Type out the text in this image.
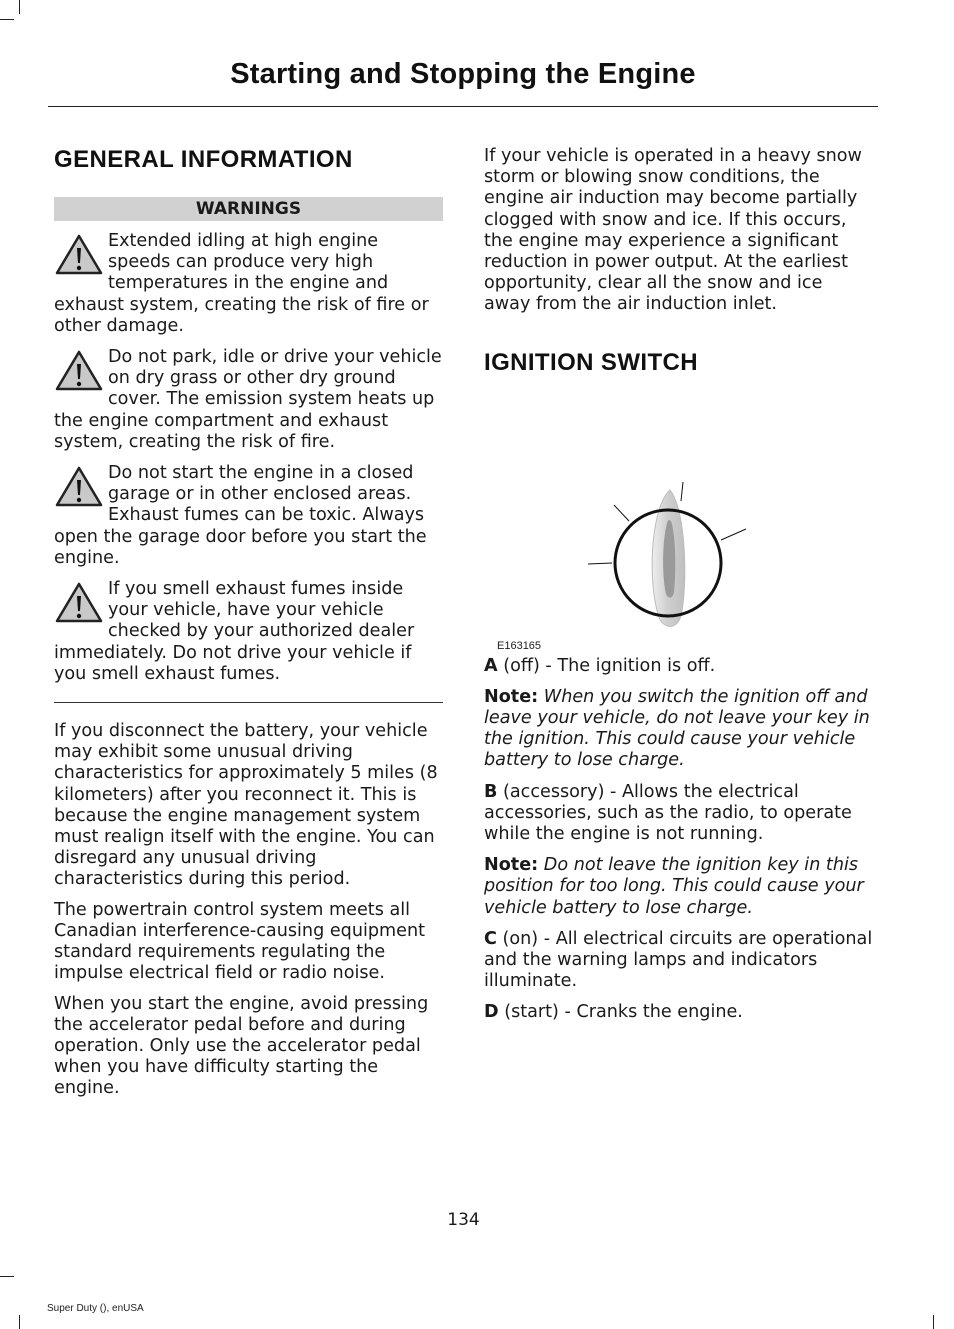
Starting and Stopping the Engine
GENERAL INFORMATION
WARNINGS

Extended idling at high engine speeds can produce very high temperatures in the engine and exhaust system, creating the risk of fire or other damage.

Do not park, idle or drive your vehicle on dry grass or other dry ground cover. The emission system heats up the engine compartment and exhaust system, creating the risk of fire.

Do not start the engine in a closed garage or in other enclosed areas. Exhaust fumes can be toxic. Always open the garage door before you start the engine.

If you smell exhaust fumes inside your vehicle, have your vehicle checked by your authorized dealer immediately. Do not drive your vehicle if you smell exhaust fumes.

If you disconnect the battery, your vehicle may exhibit some unusual driving characteristics for approximately 5 miles (8 kilometers) after you reconnect it. This is because the engine management system must realign itself with the engine. You can disregard any unusual driving characteristics during this period.

The powertrain control system meets all Canadian interference-causing equipment standard requirements regulating the impulse electrical field or radio noise.

When you start the engine, avoid pressing the accelerator pedal before and during operation. Only use the accelerator pedal when you have difficulty starting the engine.

If your vehicle is operated in a heavy snow storm or blowing snow conditions, the engine air induction may become partially clogged with snow and ice. If this occurs, the engine may experience a significant reduction in power output. At the earliest opportunity, clear all the snow and ice away from the air induction inlet.

IGNITION SWITCH
E163165

A (off) - The ignition is off.

Note: When you switch the ignition off and leave your vehicle, do not leave your key in the ignition. This could cause your vehicle battery to lose charge.

B (accessory) - Allows the electrical accessories, such as the radio, to operate while the engine is not running.

Note: Do not leave the ignition key in this position for too long. This could cause your vehicle battery to lose charge.

C (on) - All electrical circuits are operational and the warning lamps and indicators illuminate.

D (start) - Cranks the engine.

134
Super Duty (), enUSA
